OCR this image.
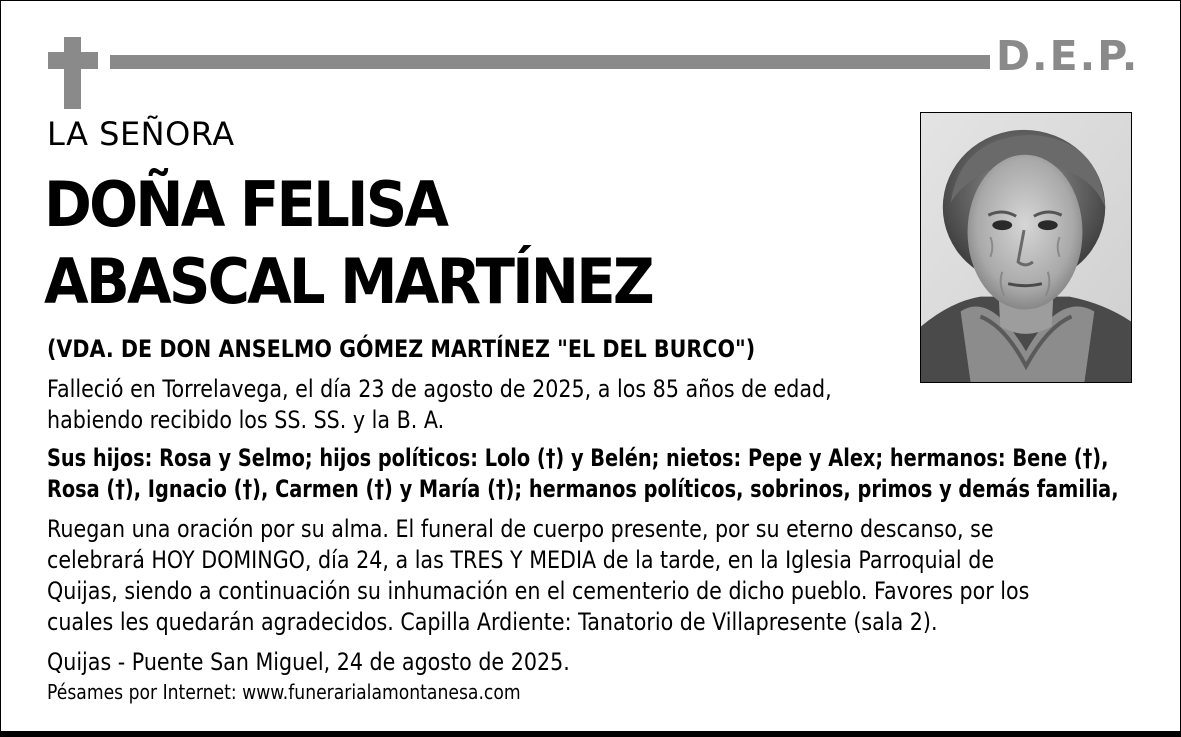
D.E.P.
LA SEÑORA
DOÑA FELISA
ABASCAL MARTÍNEZ
(VDA. DE DON ANSELMO GÓMEZ MARTÍNEZ "EL DEL BURCO")
Falleció en Torrelavega, el día 23 de agosto de 2025, a los 85 años de edad,
habiendo recibido los SS. SS. y la B. A.
Sus hijos: Rosa y Selmo; hijos políticos: Lolo (†) y Belén; nietos: Pepe y Alex; hermanos: Bene (†),
Rosa (†), Ignacio (†), Carmen (†) y María (†); hermanos políticos, sobrinos, primos y demás familia,
Ruegan una oración por su alma. El funeral de cuerpo presente, por su eterno descanso, se
celebrará HOY DOMINGO, día 24, a las TRES Y MEDIA de la tarde, en la Iglesia Parroquial de
Quijas, siendo a continuación su inhumación en el cementerio de dicho pueblo. Favores por los
cuales les quedarán agradecidos. Capilla Ardiente: Tanatorio de Villapresente (sala 2).
Quijas - Puente San Miguel, 24 de agosto de 2025.
Pésames por Internet: www.funerarialamontanesa.com
